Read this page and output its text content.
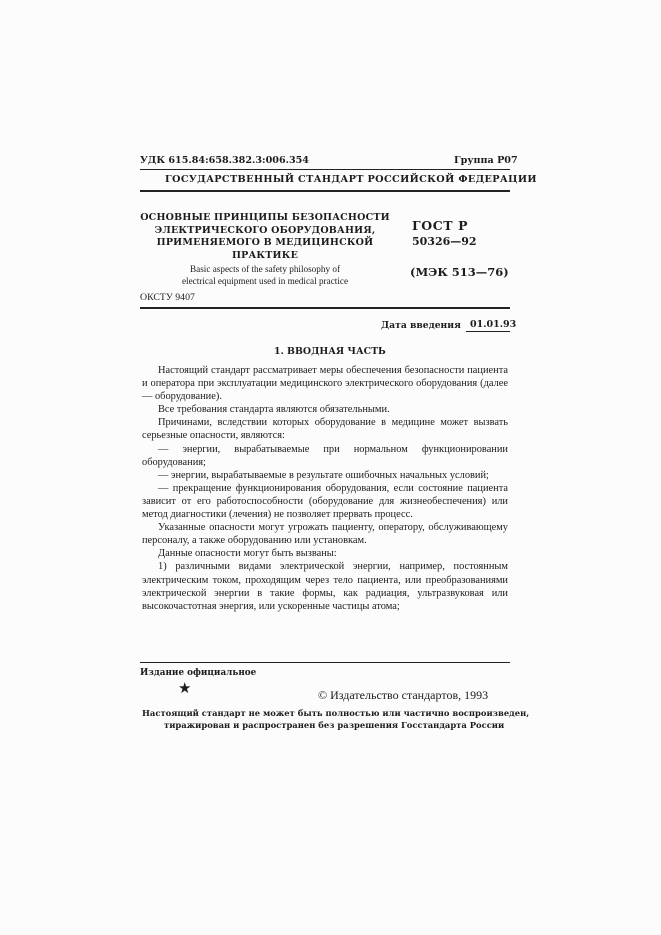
УДК 615.84:658.382.3:006.354	Группа Р07
ГОСУДАРСТВЕННЫЙ СТАНДАРТ РОССИЙСКОЙ ФЕДЕРАЦИИ
ОСНОВНЫЕ ПРИНЦИПЫ БЕЗОПАСНОСТИ
ЭЛЕКТРИЧЕСКОГО ОБОРУДОВАНИЯ,
ПРИМЕНЯЕМОГО В МЕДИЦИНСКОЙ
ПРАКТИКЕ
Basic aspects of the safety philosophy of
electrical equipment used in medical practice
ГОСТ Р
50326—92
(МЭК 513—76)
ОКСТУ 9407
Дата введения 01.01.93
1. ВВОДНАЯ ЧАСТЬ

Настоящий стандарт рассматривает меры обеспечения безопасности пациента и оператора при эксплуатации медицинского электрического оборудования (далее — оборудование).

Все требования стандарта являются обязательными.

Причинами, вследствии которых оборудование в медицине может вызвать серьезные опасности, являются:

— энергии, вырабатываемые при нормальном функционировании оборудования;

— энергии, вырабатываемые в результате ошибочных начальных условий;

— прекращение функционирования оборудования, если состояние пациента зависит от его работоспособности (оборудование для жизнеобеспечения) или метод диагностики (лечения) не позволяет прервать процесс.

Указанные опасности могут угрожать пациенту, оператору, обслуживающему персоналу, а также оборудованию или установкам.

Данные опасности могут быть вызваны:

1) различными видами электрической энергии, например, постоянным электрическим током, проходящим через тело пациента, или преобразованиями электрической энергии в такие формы, как радиация, ультразвуковая или высокочастотная энергия, или ускоренные частицы атома;

Издание официальное
★	© Издательство стандартов, 1993
Настоящий стандарт не может быть полностью или частично воспроизведен,
тиражирован и распространен без разрешения Госстандарта России
